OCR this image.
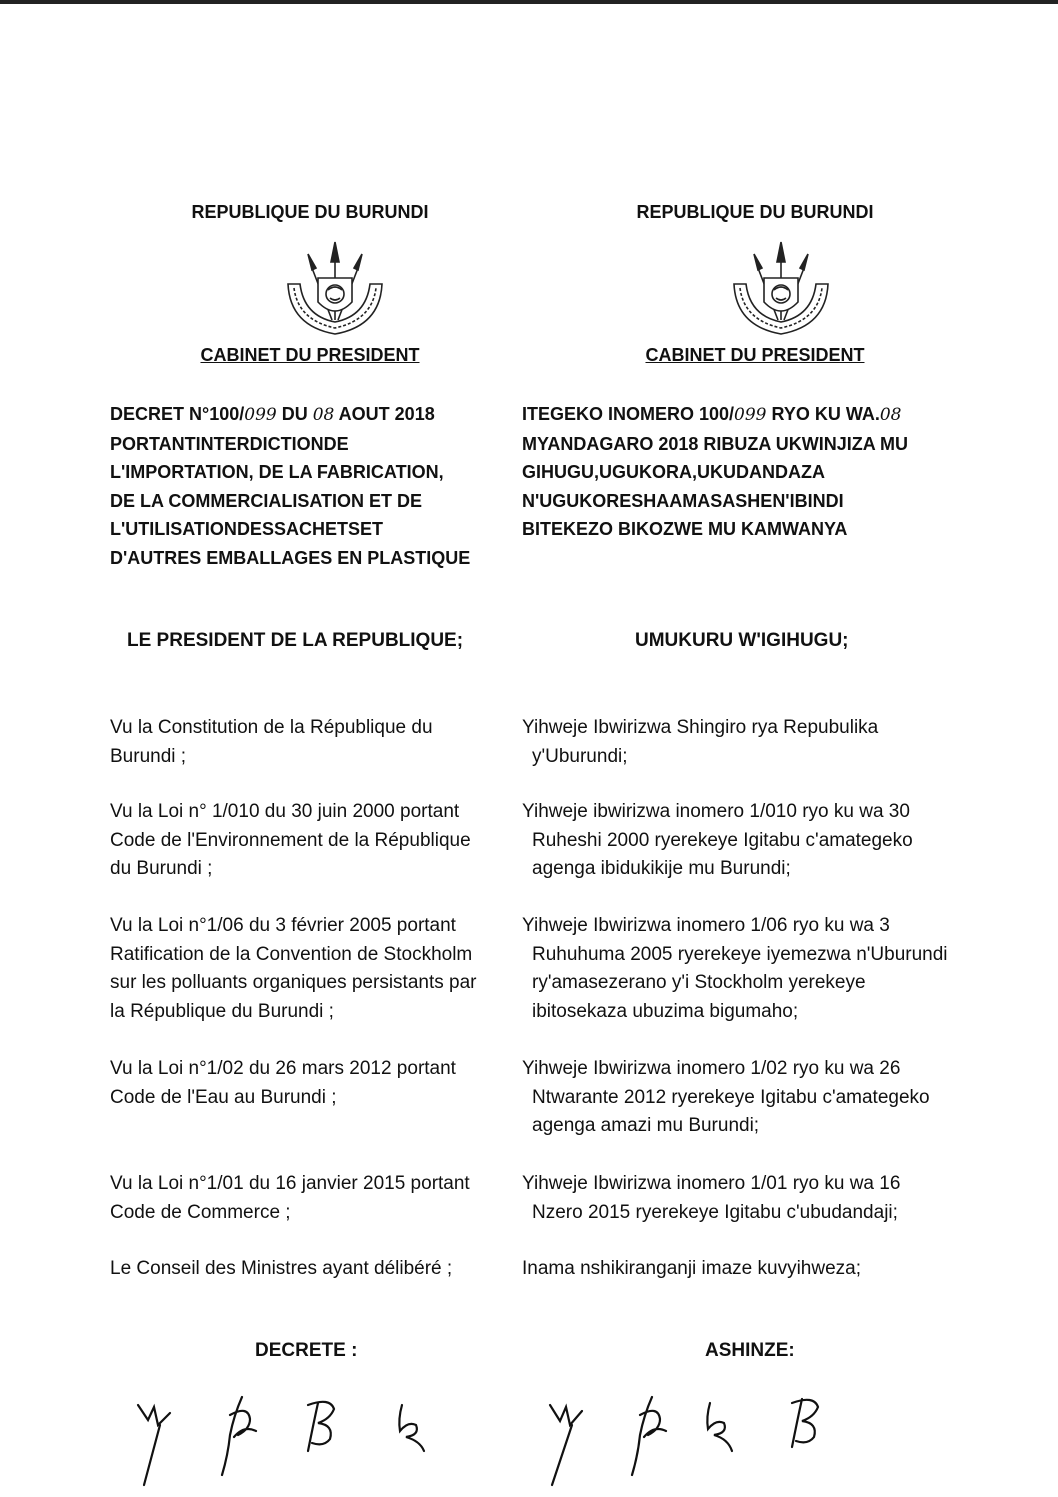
REPUBLIQUE DU BURUNDI	REPUBLIQUE DU BURUNDI
CABINET DU PRESIDENT	CABINET DU PRESIDENT
DECRET N°100/099 DU 08 AOUT 2018
PORTANTINTERDICTIONDE
L'IMPORTATION, DE LA FABRICATION,
DE LA COMMERCIALISATION ET DE
L'UTILISATIONDESSACHETSET
D'AUTRES EMBALLAGES EN PLASTIQUE
ITEGEKO INOMERO 100/099 RYO KU WA.08
MYANDAGARO 2018 RIBUZA UKWINJIZA MU
GIHUGU,UGUKORA,UKUDANDAZA
N'UGUKORESHAAMASASHEN'IBINDI
BITEKEZO BIKOZWE MU KAMWANYA
LE PRESIDENT DE LA REPUBLIQUE;	UMUKURU W'IGIHUGU;
Vu la Constitution de la République du
Burundi ;
Vu la Loi n° 1/010 du 30 juin 2000 portant
Code de l'Environnement de la République
du Burundi ;
Vu la Loi n°1/06 du 3 février 2005 portant
Ratification de la Convention de Stockholm
sur les polluants organiques persistants par
la République du Burundi ;
Vu la Loi n°1/02 du 26 mars 2012 portant
Code de l'Eau au Burundi ;
Vu la Loi n°1/01 du 16 janvier 2015 portant
Code de Commerce ;
Le Conseil des Ministres ayant délibéré ;
Yihweje Ibwirizwa Shingiro rya Repubulika
y'Uburundi;
Yihweje ibwirizwa inomero 1/010 ryo ku wa 30
Ruheshi 2000 ryerekeye Igitabu c'amategeko
agenga ibidukikije mu Burundi;
Yihweje Ibwirizwa inomero 1/06 ryo ku wa 3
Ruhuhuma 2005 ryerekeye iyemezwa n'Uburundi
ry'amasezerano y'i Stockholm yerekeye
ibitosekaza ubuzima bigumaho;
Yihweje Ibwirizwa inomero 1/02 ryo ku wa 26
Ntwarante 2012 ryerekeye Igitabu c'amategeko
agenga amazi mu Burundi;
Yihweje Ibwirizwa inomero 1/01 ryo ku wa 16
Nzero 2015 ryerekeye Igitabu c'ubudandaji;
Inama nshikiranganji imaze kuvyihweza;
DECRETE :	ASHINZE:
